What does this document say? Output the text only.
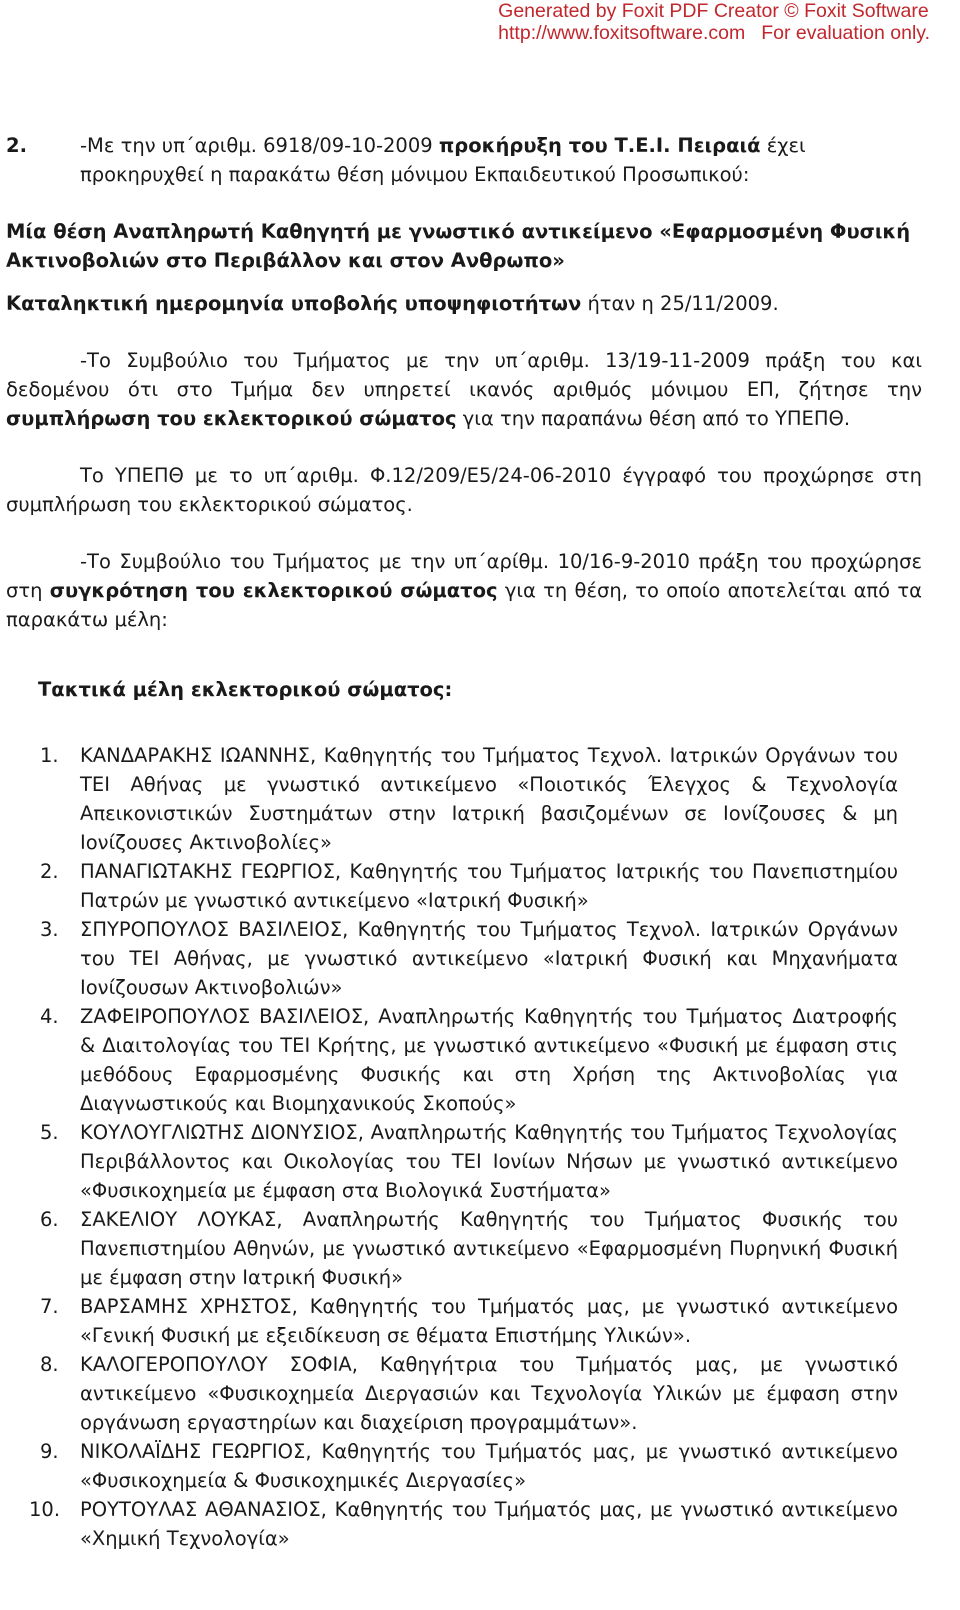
Generated by Foxit PDF Creator © Foxit Software
http://www.foxitsoftware.com For evaluation only.
2.	-Με την υπ΄αριθμ. 6918/09-10-2009 προκήρυξη του Τ.Ε.Ι. Πειραιά έχει προκηρυχθεί η παρακάτω θέση μόνιμου Εκπαιδευτικού Προσωπικού:

Μία θέση Αναπληρωτή Καθηγητή με γνωστικό αντικείμενο «Εφαρμοσμένη Φυσική Ακτινοβολιών στο Περιβάλλον και στον Ανθρωπο»

Καταληκτική ημερομηνία υποβολής υποψηφιοτήτων ήταν η 25/11/2009.

-Το Συμβούλιο του Τμήματος με την υπ΄αριθμ. 13/19-11-2009 πράξη του και δεδομένου ότι στο Τμήμα δεν υπηρετεί ικανός αριθμός μόνιμου ΕΠ, ζήτησε την συμπλήρωση του εκλεκτορικού σώματος για την παραπάνω θέση από το ΥΠΕΠΘ.

Το ΥΠΕΠΘ με το υπ΄αριθμ. Φ.12/209/Ε5/24-06-2010 έγγραφό του προχώρησε στη συμπλήρωση του εκλεκτορικού σώματος.

-Το Συμβούλιο του Τμήματος με την υπ΄αρίθμ. 10/16-9-2010 πράξη του προχώρησε στη συγκρότηση του εκλεκτορικού σώματος για τη θέση, το οποίο αποτελείται από τα παρακάτω μέλη:

Τακτικά μέλη εκλεκτορικού σώματος:

1.	ΚΑΝΔΑΡΑΚΗΣ ΙΩΑΝΝΗΣ, Καθηγητής του Τμήματος Τεχνολ. Ιατρικών Οργάνων του ΤΕΙ Αθήνας με γνωστικό αντικείμενο «Ποιοτικός Έλεγχος & Τεχνολογία Απεικονιστικών Συστημάτων στην Ιατρική βασιζομένων σε Ιονίζουσες & μη Ιονίζουσες Ακτινοβολίες»
2.	ΠΑΝΑΓΙΩΤΑΚΗΣ ΓΕΩΡΓΙΟΣ, Καθηγητής του Τμήματος Ιατρικής του Πανεπιστημίου Πατρών με γνωστικό αντικείμενο «Ιατρική Φυσική»
3.	ΣΠΥΡΟΠΟΥΛΟΣ ΒΑΣΙΛΕΙΟΣ, Καθηγητής του Τμήματος Τεχνολ. Ιατρικών Οργάνων του ΤΕΙ Αθήνας, με γνωστικό αντικείμενο «Ιατρική Φυσική και Μηχανήματα Ιονίζουσων Ακτινοβολιών»
4.	ΖΑΦΕΙΡΟΠΟΥΛΟΣ ΒΑΣΙΛΕΙΟΣ, Αναπληρωτής Καθηγητής του Τμήματος Διατροφής & Διαιτολογίας του ΤΕΙ Κρήτης, με γνωστικό αντικείμενο «Φυσική με έμφαση στις μεθόδους Εφαρμοσμένης Φυσικής και στη Χρήση της Ακτινοβολίας για Διαγνωστικούς και Βιομηχανικούς Σκοπούς»
5.	ΚΟΥΛΟΥΓΛΙΩΤΗΣ ΔΙΟΝΥΣΙΟΣ, Αναπληρωτής Καθηγητής του Τμήματος Τεχνολογίας Περιβάλλοντος και Οικολογίας του ΤΕΙ Ιονίων Νήσων με γνωστικό αντικείμενο «Φυσικοχημεία με έμφαση στα Βιολογικά Συστήματα»
6.	ΣΑΚΕΛΙΟΥ ΛΟΥΚΑΣ, Αναπληρωτής Καθηγητής του Τμήματος Φυσικής του Πανεπιστημίου Αθηνών, με γνωστικό αντικείμενο «Εφαρμοσμένη Πυρηνική Φυσική με έμφαση στην Ιατρική Φυσική»
7.	ΒΑΡΣΑΜΗΣ ΧΡΗΣΤΟΣ, Καθηγητής του Τμήματός μας, με γνωστικό αντικείμενο «Γενική Φυσική με εξειδίκευση σε θέματα Επιστήμης Υλικών».
8.	ΚΑΛΟΓΕΡΟΠΟΥΛΟΥ ΣΟΦΙΑ, Καθηγήτρια του Τμήματός μας, με γνωστικό αντικείμενο «Φυσικοχημεία Διεργασιών και Τεχνολογία Υλικών με έμφαση στην οργάνωση εργαστηρίων και διαχείριση προγραμμάτων».
9.	ΝΙΚΟΛΑΪΔΗΣ ΓΕΩΡΓΙΟΣ, Καθηγητής του Τμήματός μας, με γνωστικό αντικείμενο «Φυσικοχημεία & Φυσικοχημικές Διεργασίες»
10.	ΡΟΥΤΟΥΛΑΣ ΑΘΑΝΑΣΙΟΣ, Καθηγητής του Τμήματός μας, με γνωστικό αντικείμενο «Χημική Τεχνολογία»
